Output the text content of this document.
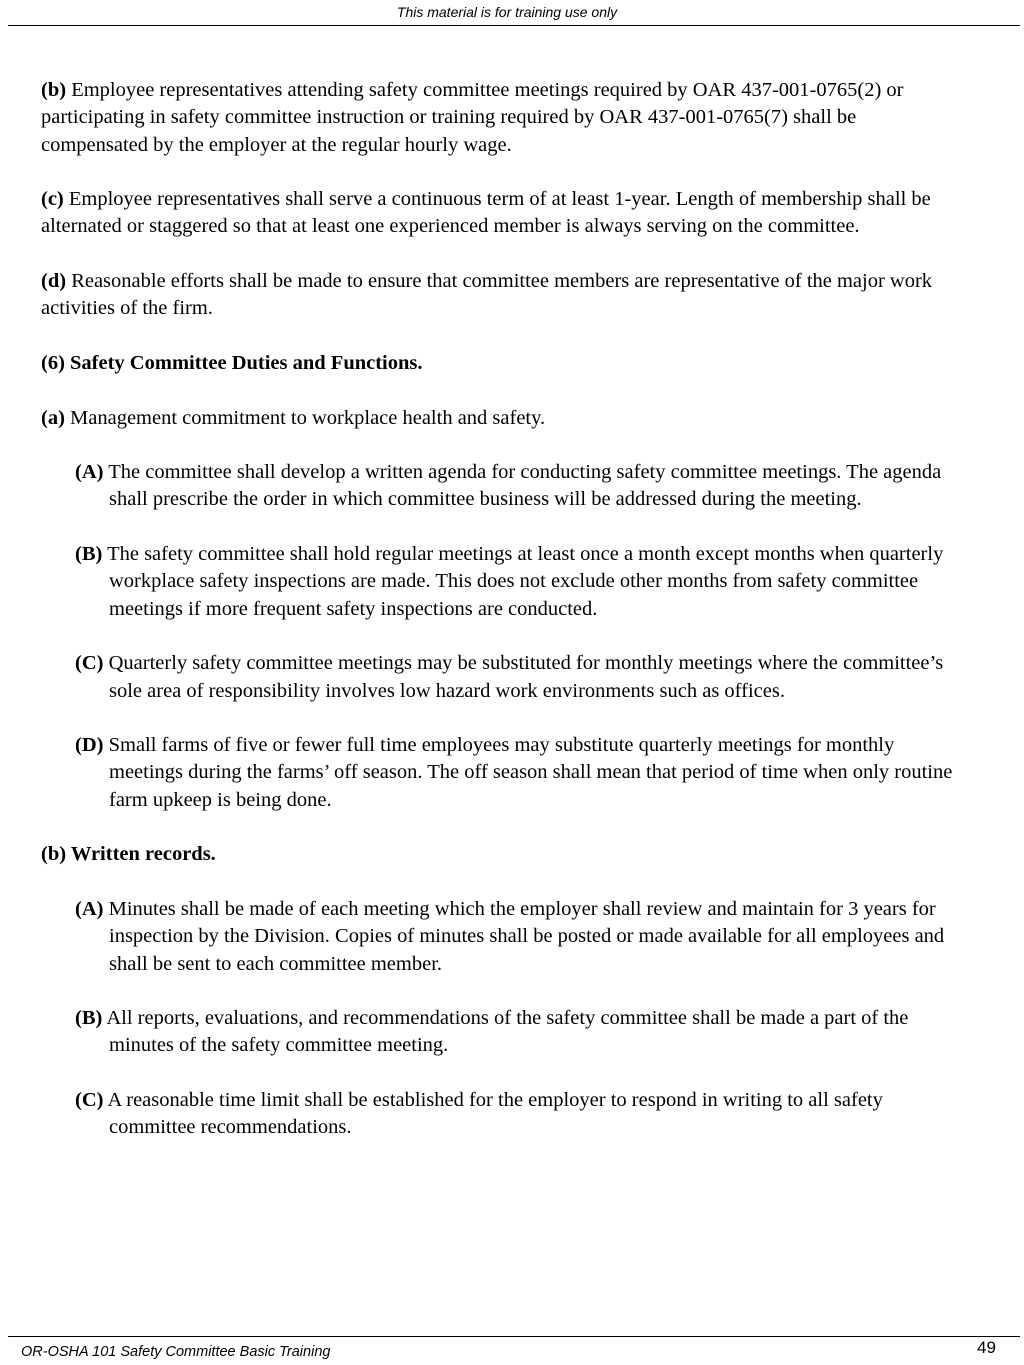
This material is for training use only

(b) Employee representatives attending safety committee meetings required by OAR 437-001-0765(2) or participating in safety committee instruction or training required by OAR 437-001-0765(7) shall be compensated by the employer at the regular hourly wage.

(c) Employee representatives shall serve a continuous term of at least 1-year. Length of membership shall be alternated or staggered so that at least one experienced member is always serving on the committee.

(d) Reasonable efforts shall be made to ensure that committee members are representative of the major work activities of the firm.

(6) Safety Committee Duties and Functions.

(a) Management commitment to workplace health and safety.

(A) The committee shall develop a written agenda for conducting safety committee meetings. The agenda shall prescribe the order in which committee business will be addressed during the meeting.

(B) The safety committee shall hold regular meetings at least once a month except months when quarterly workplace safety inspections are made. This does not exclude other months from safety committee meetings if more frequent safety inspections are conducted.

(C) Quarterly safety committee meetings may be substituted for monthly meetings where the committee’s sole area of responsibility involves low hazard work environments such as offices.

(D) Small farms of five or fewer full time employees may substitute quarterly meetings for monthly meetings during the farms’ off season. The off season shall mean that period of time when only routine farm upkeep is being done.

(b) Written records.

(A) Minutes shall be made of each meeting which the employer shall review and maintain for 3 years for inspection by the Division. Copies of minutes shall be posted or made available for all employees and shall be sent to each committee member.

(B) All reports, evaluations, and recommendations of the safety committee shall be made a part of the minutes of the safety committee meeting.

(C) A reasonable time limit shall be established for the employer to respond in writing to all safety committee recommendations.

OR-OSHA 101 Safety Committee Basic Training	49
